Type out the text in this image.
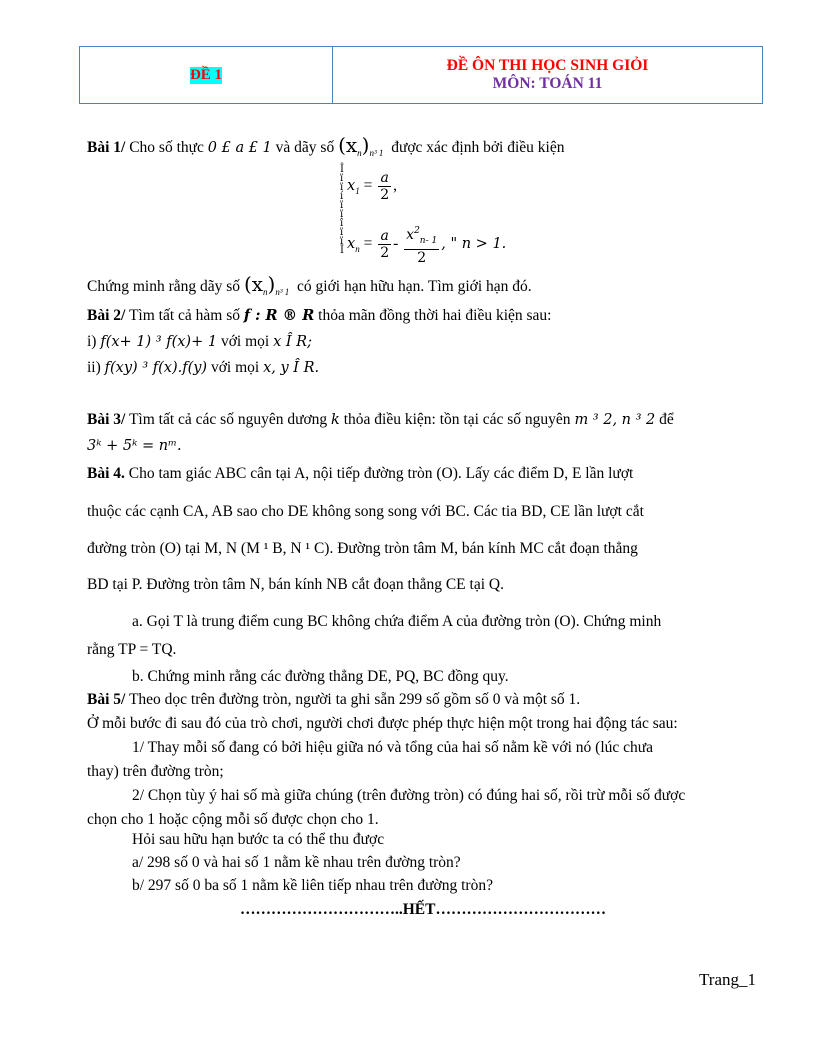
ĐỀ 1
ĐỀ ÔN THI HỌC SINH GIỎI
MÔN: TOÁN 11
Bài 1/ Cho số thực 0 £ a £ 1 và dãy số $(x_n)_{n^3 1}$ được xác định bởi điều kiện
Î
ï
ï
í
ï
ï
î
ï
ï
Î
$x_1 = \frac{a}{2}$ ,
$x_n = \frac{a}{2} - \frac{x^2_{n- 1}}{2}$ , " n > 1.
Chứng minh rằng dãy số $(x_n)_{n^3 1}$ có giới hạn hữu hạn. Tìm giới hạn đó.
Bài 2/ Tìm tất cả hàm số f : R ® R thỏa mãn đồng thời hai điều kiện sau:
i) f(x+ 1) ³ f(x)+ 1 với mọi x Î R;
ii) f(xy) ³ f(x).f(y) với mọi x, y Î R.
Bài 3/ Tìm tất cả các số nguyên dương k thỏa điều kiện: tồn tại các số nguyên m ³ 2, n ³ 2 để
3ᵏ + 5ᵏ = nᵐ.
Bài 4. Cho tam giác ABC cân tại A, nội tiếp đường tròn (O). Lấy các điểm D, E lần lượt
thuộc các cạnh CA, AB sao cho DE không song song với BC. Các tia BD, CE lần lượt cắt
đường tròn (O) tại M, N (M ¹ B, N ¹ C). Đường tròn tâm M, bán kính MC cắt đoạn thẳng
BD tại P. Đường tròn tâm N, bán kính NB cắt đoạn thẳng CE tại Q.
a. Gọi T là trung điểm cung BC không chứa điểm A của đường tròn (O). Chứng minh
rằng TP = TQ.
b. Chứng minh rằng các đường thẳng DE, PQ, BC đồng quy.
Bài 5/ Theo dọc trên đường tròn, người ta ghi sẵn 299 số gồm số 0 và một số 1.
Ở mỗi bước đi sau đó của trò chơi, người chơi được phép thực hiện một trong hai động tác sau:
1/ Thay mỗi số đang có bởi hiệu giữa nó và tổng của hai số nằm kề với nó (lúc chưa
thay) trên đường tròn;
2/ Chọn tùy ý hai số mà giữa chúng (trên đường tròn) có đúng hai số, rồi trừ mỗi số được
chọn cho 1 hoặc cộng mỗi số được chọn cho 1.
Hỏi sau hữu hạn bước ta có thể thu được
a/ 298 số 0 và hai số 1 nằm kề nhau trên đường tròn?
b/ 297 số 0 ba số 1 nằm kề liên tiếp nhau trên đường tròn?
…………………………..HẾT……………………………
Trang_1
